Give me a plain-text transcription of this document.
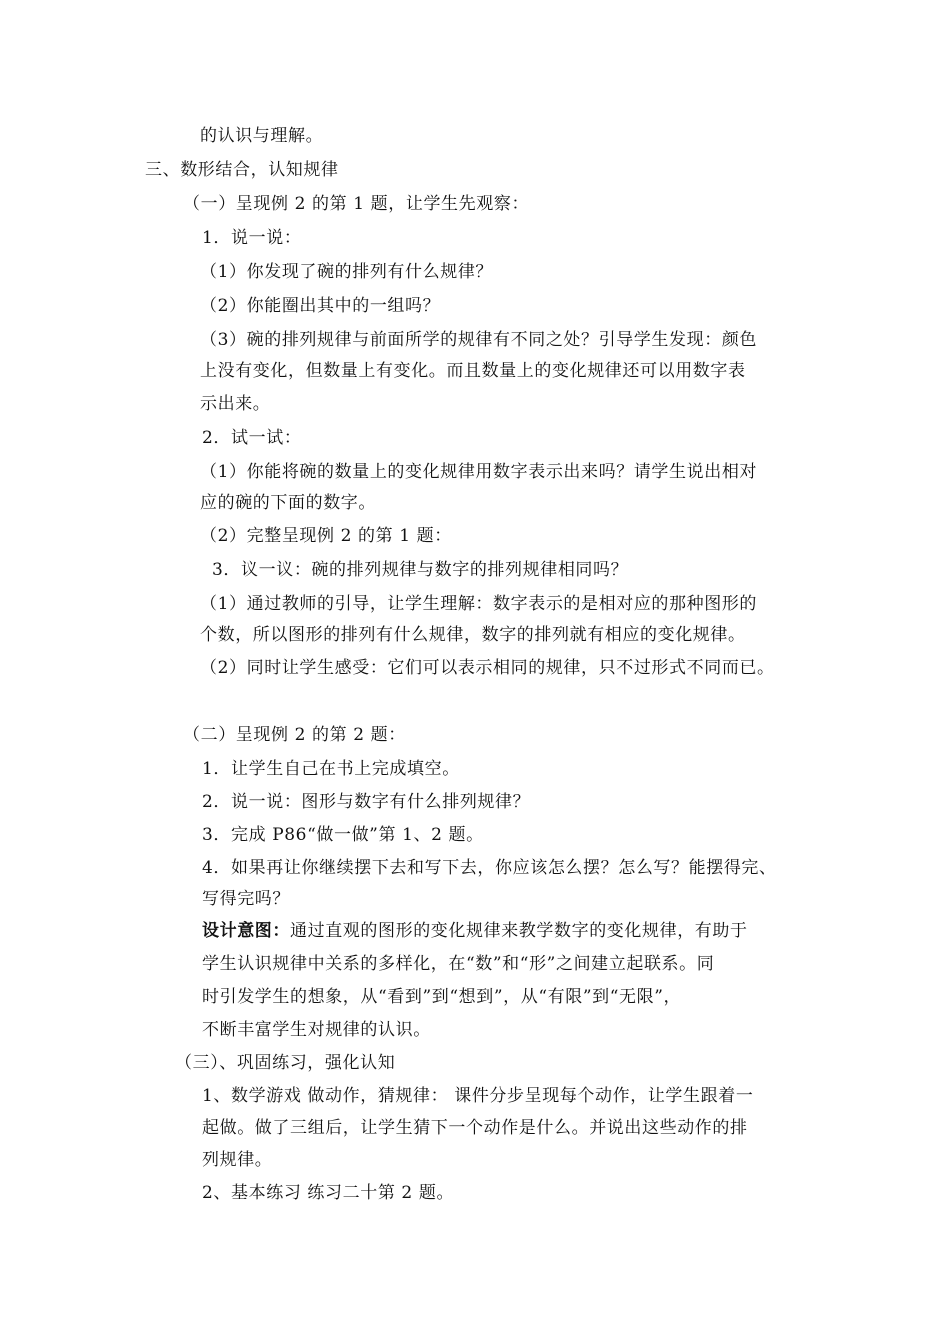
的认识与理解。
三、数形结合，认知规律
（一）呈现例 2 的第 1 题，让学生先观察：
1．说一说：
（1）你发现了碗的排列有什么规律？
（2）你能圈出其中的一组吗？
（3）碗的排列规律与前面所学的规律有不同之处？引导学生发现：颜色
上没有变化，但数量上有变化。而且数量上的变化规律还可以用数字表
示出来。
2．试一试：
（1）你能将碗的数量上的变化规律用数字表示出来吗？请学生说出相对
应的碗的下面的数字。
（2）完整呈现例 2 的第 1 题：
3．议一议：碗的排列规律与数字的排列规律相同吗？
（1）通过教师的引导，让学生理解：数字表示的是相对应的那种图形的
个数，所以图形的排列有什么规律，数字的排列就有相应的变化规律。
（2）同时让学生感受：它们可以表示相同的规律，只不过形式不同而已。
（二）呈现例 2 的第 2 题：
1．让学生自己在书上完成填空。
2．说一说：图形与数字有什么排列规律？
3．完成 P86“做一做”第 1、2 题。
4．如果再让你继续摆下去和写下去，你应该怎么摆？怎么写？能摆得完、
写得完吗？
设计意图：通过直观的图形的变化规律来教学数字的变化规律，有助于
学生认识规律中关系的多样化，在“数”和“形”之间建立起联系。同
时引发学生的想象，从“看到”到“想到”，从“有限”到“无限”，
不断丰富学生对规律的认识。
（三）、巩固练习，强化认知
1、数学游戏 做动作，猜规律： 课件分步呈现每个动作，让学生跟着一
起做。做了三组后，让学生猜下一个动作是什么。并说出这些动作的排
列规律。
2、基本练习 练习二十第 2 题。
